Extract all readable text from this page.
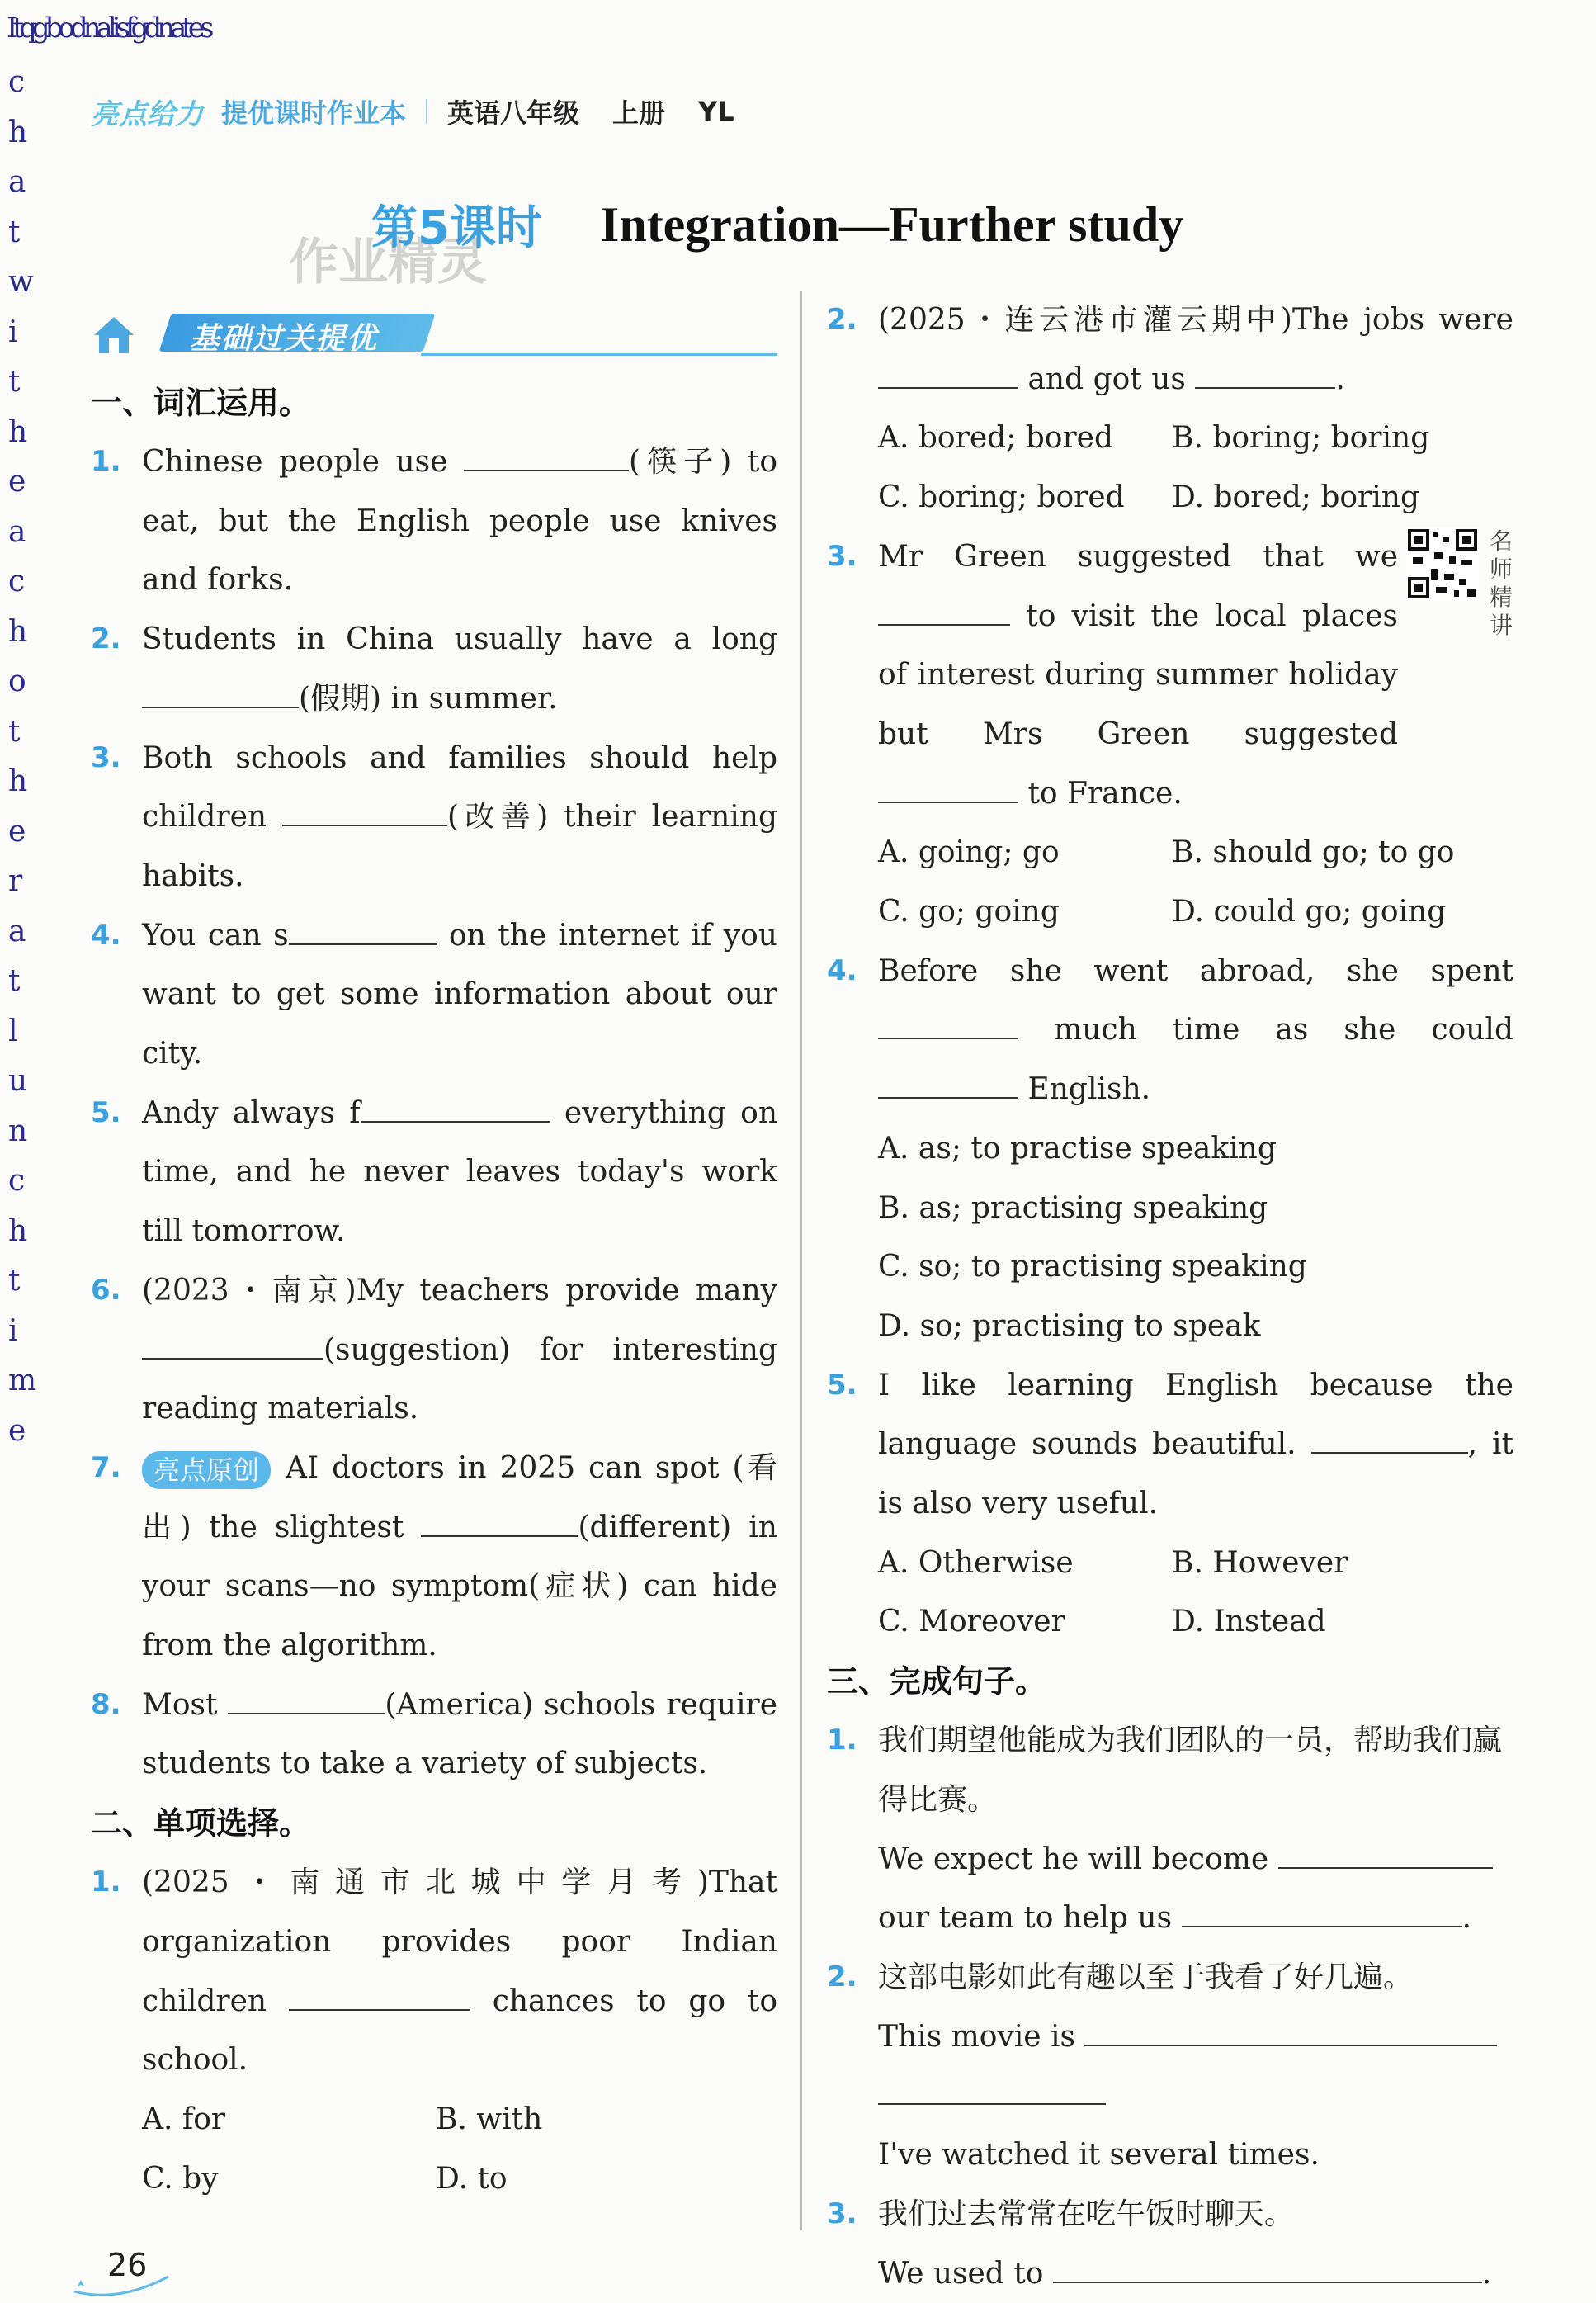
Itqgbodnalisfgdnates
c
h
a
t
w
i
t
h
e
a
c
h
o
t
h
e
r
a
t
l
u
n
c
h
t
i
m
e
亮点给力 提优课时作业本 英语八年级 上册 YL
作业精灵
第5课时 Integration—Further study
基础过关提优
一、词汇运用。
1. Chinese people use	(筷子) to eat, but the English people use knives and forks.
2. Students in China usually have a long (假期) in summer.
3. Both schools and families should help children	(改善) their learning habits.
4. You can s	on the internet if you want to get some information about our city.
5. Andy always f	everything on time, and he never leaves today's work till tomorrow.
6. (2023・南京)My teachers provide many (suggestion) for interesting reading materials.
7.	亮点原创 AI doctors in 2025 can spot (看出) the slightest	(different) in your scans—no symptom(症状) can hide from the algorithm.
8. Most	(America) schools require students to take a variety of subjects.
二、单项选择。
1. (2025・南通市北城中学月考)That organization provides poor Indian children	chances to go to school.
A. for	B. with
C. by	D. to
2. (2025・连云港市灌云期中)The jobs were  and got us	.
A. bored; bored	B. boring; boring
C. boring; bored	D. bored; boring
3.	名师精讲
Mr Green suggested that we  to visit the local places of interest during summer holiday but Mrs Green suggested  to France.
A. going; go	B. should go; to go
C. go; going	D. could go; going
4. Before she went abroad, she spent  much time as she could  English.
A. as; to practise speaking
B. as; practising speaking
C. so; to practising speaking
D. so; practising to speak
5. I like learning English because the language sounds beautiful.	, it is also very useful.
A. Otherwise	B. However
C. Moreover	D. Instead
三、完成句子。
1. 我们期望他能成为我们团队的一员，帮助我们赢得比赛。
We expect he will become our team to help us	.
2. 这部电影如此有趣以至于我看了好几遍。
This movie is
I've watched it several times.
3. 我们过去常常在吃午饭时聊天。
We used to	.
26
